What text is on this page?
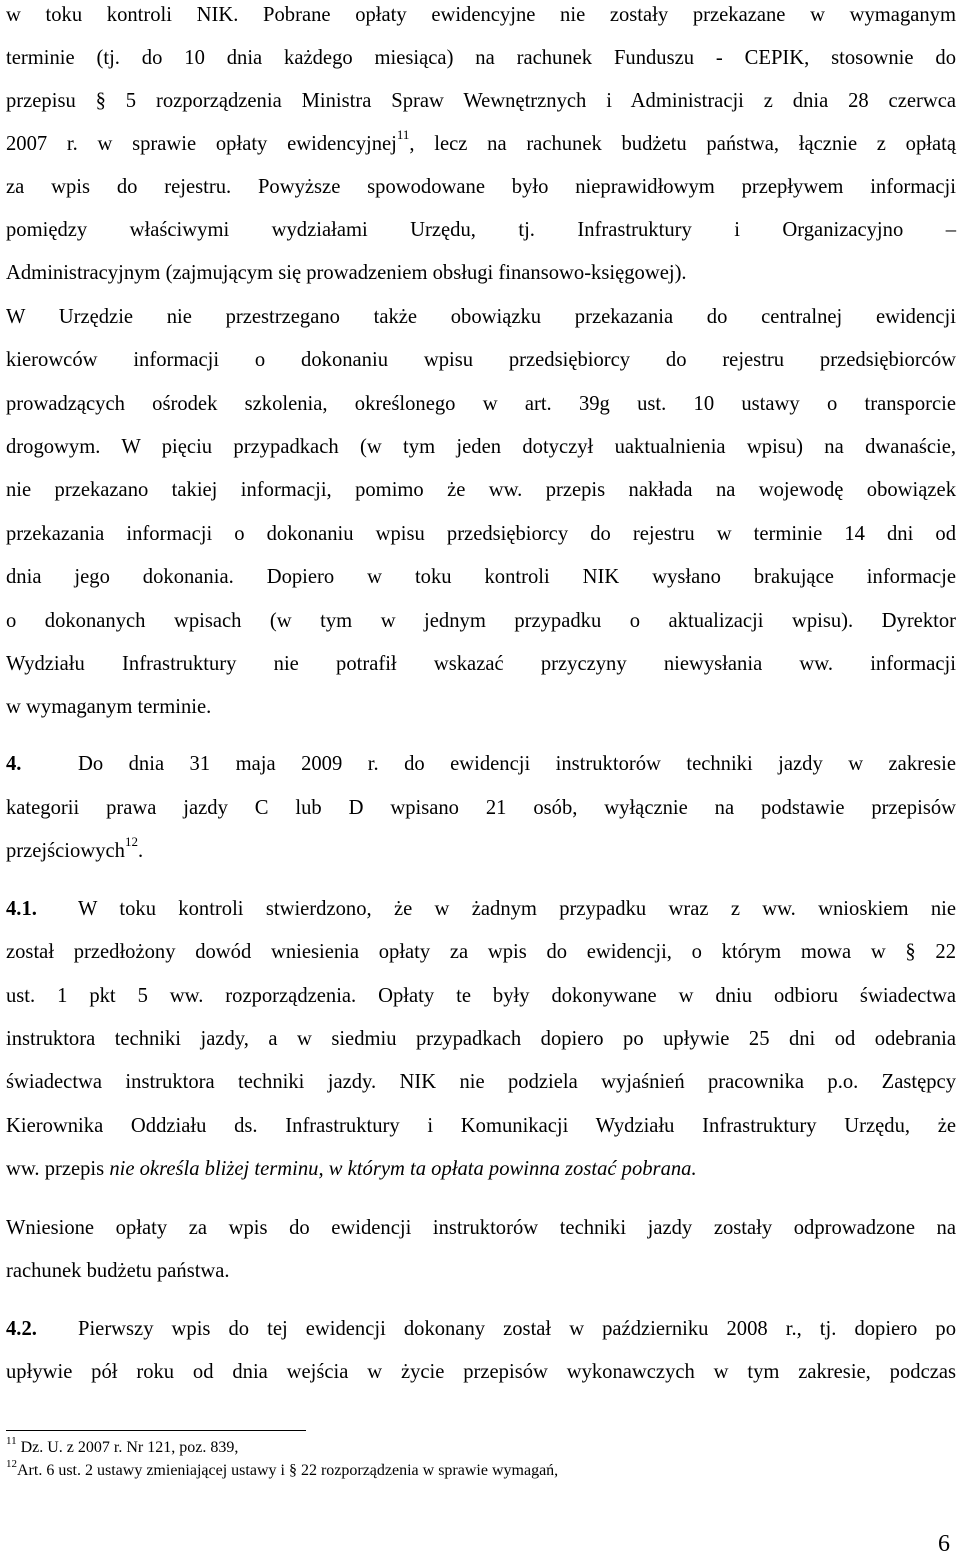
w toku kontroli NIK. Pobrane opłaty ewidencyjne nie zostały przekazane w wymaganym
terminie (tj. do 10 dnia każdego miesiąca) na rachunek Funduszu - CEPIK, stosownie do
przepisu § 5 rozporządzenia Ministra Spraw Wewnętrznych i Administracji z dnia 28 czerwca
2007 r. w sprawie opłaty ewidencyjnej$^{11}$, lecz na rachunek budżetu państwa, łącznie z opłatą
za wpis do rejestru. Powyższe spowodowane było nieprawidłowym przepływem informacji
pomiędzy właściwymi wydziałami Urzędu, tj. Infrastruktury i Organizacyjno –
Administracyjnym (zajmującym się prowadzeniem obsługi finansowo-księgowej).
W Urzędzie nie przestrzegano także obowiązku przekazania do centralnej ewidencji
kierowców informacji o dokonaniu wpisu przedsiębiorcy do rejestru przedsiębiorców
prowadzących ośrodek szkolenia, określonego w art. 39g ust. 10 ustawy o transporcie
drogowym. W pięciu przypadkach (w tym jeden dotyczył uaktualnienia wpisu) na dwanaście,
nie przekazano takiej informacji, pomimo że ww. przepis nakłada na wojewodę obowiązek
przekazania informacji o dokonaniu wpisu przedsiębiorcy do rejestru w terminie 14 dni od
dnia jego dokonania. Dopiero w toku kontroli NIK wysłano brakujące informacje
o dokonanych wpisach (w tym w jednym przypadku o aktualizacji wpisu). Dyrektor
Wydziału Infrastruktury nie potrafił wskazać przyczyny niewysłania ww. informacji
w wymaganym terminie.
4.	Do dnia 31 maja 2009 r. do ewidencji instruktorów techniki jazdy w zakresie
kategorii prawa jazdy C lub D wpisano 21 osób, wyłącznie na podstawie przepisów
przejściowych$^{12}$.
4.1. W toku kontroli stwierdzono, że w żadnym przypadku wraz z ww. wnioskiem nie
został przedłożony dowód wniesienia opłaty za wpis do ewidencji, o którym mowa w § 22
ust. 1 pkt 5 ww. rozporządzenia. Opłaty te były dokonywane w dniu odbioru świadectwa
instruktora techniki jazdy, a w siedmiu przypadkach dopiero po upływie 25 dni od odebrania
świadectwa instruktora techniki jazdy. NIK nie podziela wyjaśnień pracownika p.o. Zastępcy
Kierownika Oddziału ds. Infrastruktury i Komunikacji Wydziału Infrastruktury Urzędu, że
ww. przepis nie określa bliżej terminu, w którym ta opłata powinna zostać pobrana.
Wniesione opłaty za wpis do ewidencji instruktorów techniki jazdy zostały odprowadzone na
rachunek budżetu państwa.
4.2. Pierwszy wpis do tej ewidencji dokonany został w październiku 2008 r., tj. dopiero po
upływie pół roku od dnia wejścia w życie przepisów wykonawczych w tym zakresie, podczas
$^{11}$ Dz. U. z 2007 r. Nr 121, poz. 839,
$^{12}$Art. 6 ust. 2 ustawy zmieniającej ustawy i § 22 rozporządzenia w sprawie wymagań,
6
